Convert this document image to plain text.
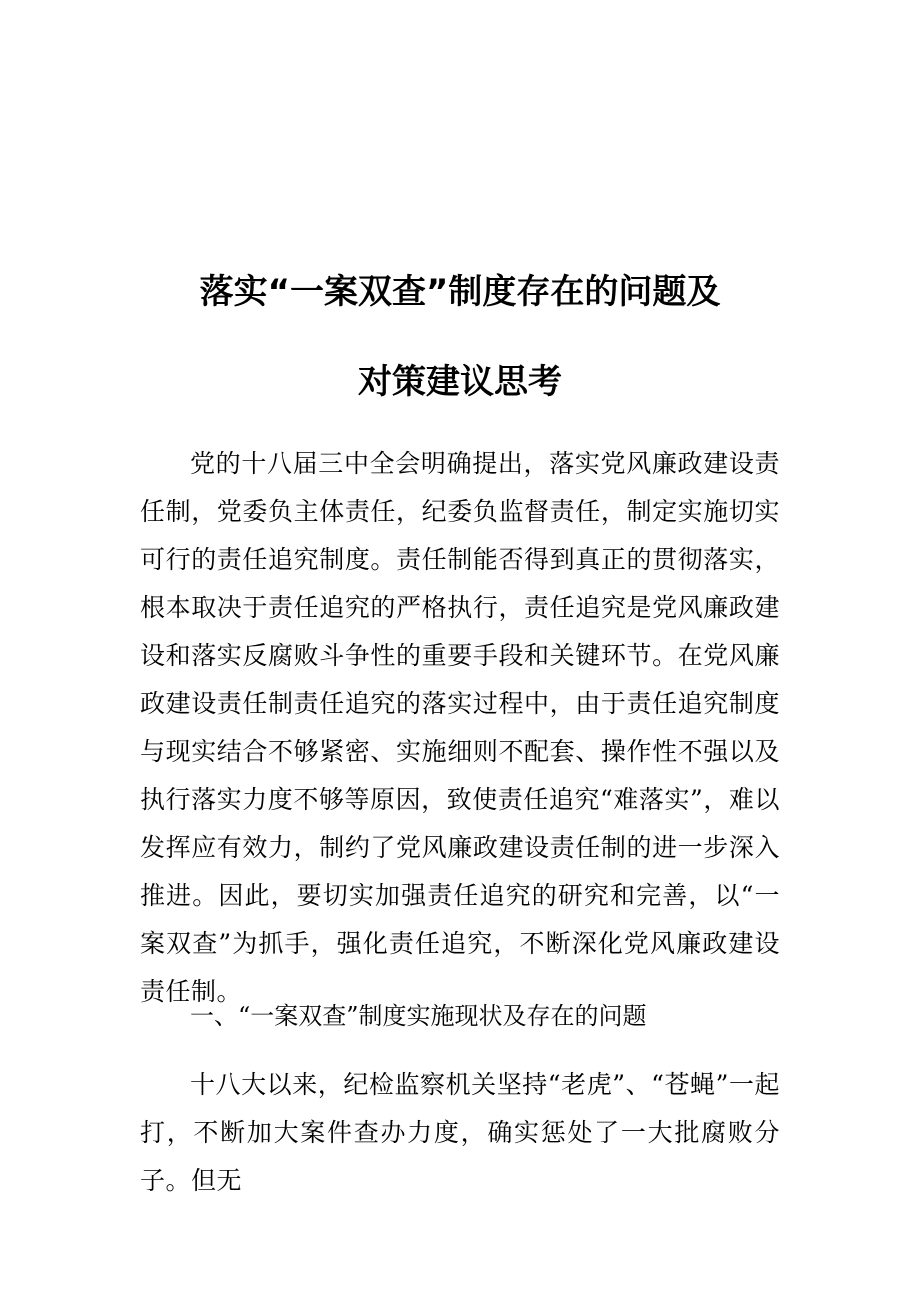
落实“一案双查”制度存在的问题及
对策建议思考

党的十八届三中全会明确提出，落实党风廉政建设责任制，党委负主体责任，纪委负监督责任，制定实施切实可行的责任追究制度。责任制能否得到真正的贯彻落实，根本取决于责任追究的严格执行，责任追究是党风廉政建设和落实反腐败斗争性的重要手段和关键环节。在党风廉政建设责任制责任追究的落实过程中，由于责任追究制度与现实结合不够紧密、实施细则不配套、操作性不强以及执行落实力度不够等原因，致使责任追究“难落实”，难以发挥应有效力，制约了党风廉政建设责任制的进一步深入推进。因此，要切实加强责任追究的研究和完善，以“一案双查”为抓手，强化责任追究，不断深化党风廉政建设责任制。

一、“一案双查”制度实施现状及存在的问题

十八大以来，纪检监察机关坚持“老虎”、“苍蝇”一起打，不断加大案件查办力度，确实惩处了一大批腐败分子。但无
